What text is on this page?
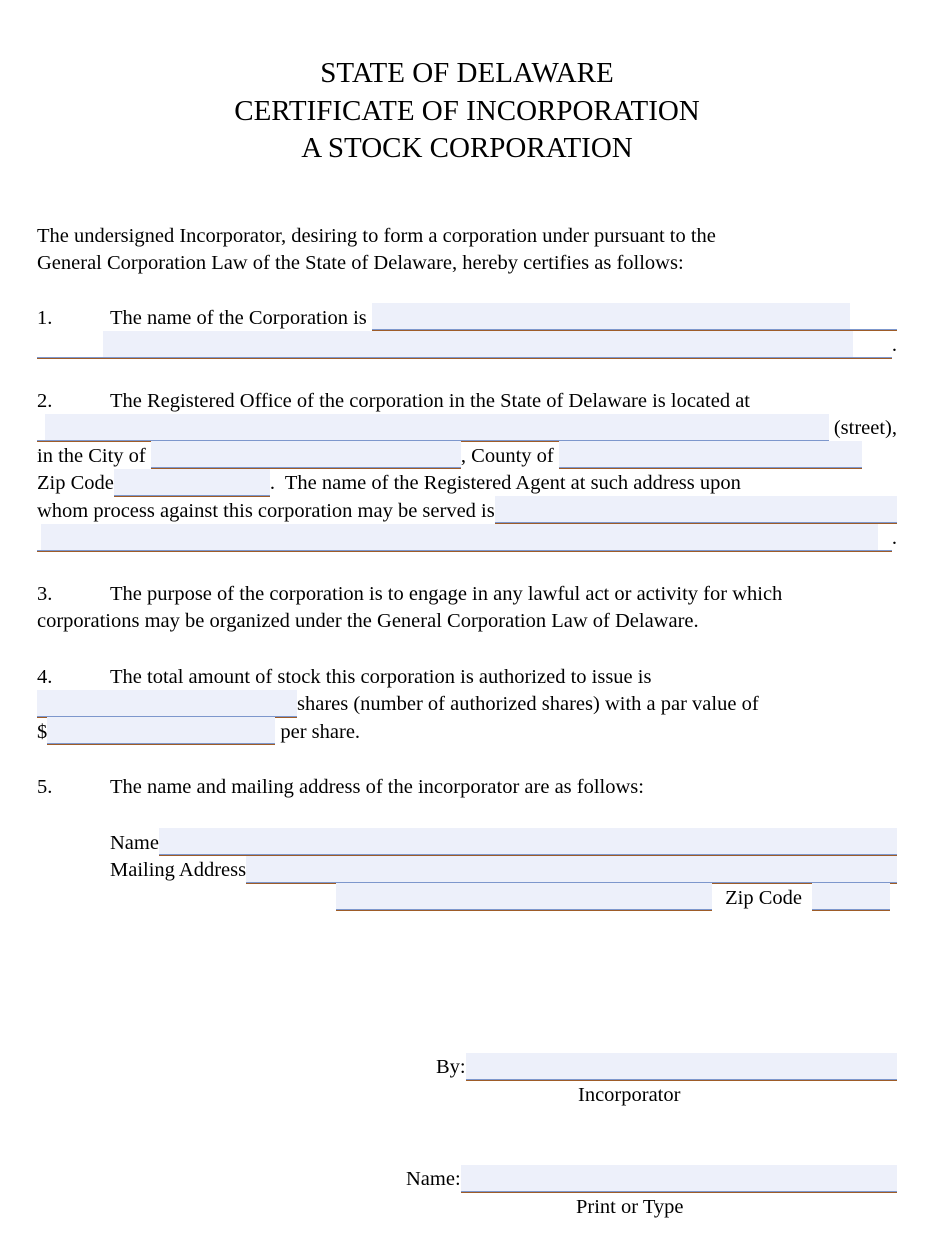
STATE OF DELAWARE
CERTIFICATE OF INCORPORATION
A STOCK CORPORATION
The undersigned Incorporator, desiring to form a corporation under pursuant to the
General Corporation Law of the State of Delaware, hereby certifies as follows:
1.	The name of the Corporation is
.
2.	The Registered Office of the corporation in the State of Delaware is located at
(street),
in the City of	, County of
Zip Code	.  The name of the Registered Agent at such address upon
whom process against this corporation may be served is
.
3.	The purpose of the corporation is to engage in any lawful act or activity for which
corporations may be organized under the General Corporation Law of Delaware.
4.	The total amount of stock this corporation is authorized to issue is
shares (number of authorized shares) with a par value of
$	per share.
5.	The name and mailing address of the incorporator are as follows:
Name
Mailing Address
Zip Code
By:
Incorporator
Name:
Print or Type
